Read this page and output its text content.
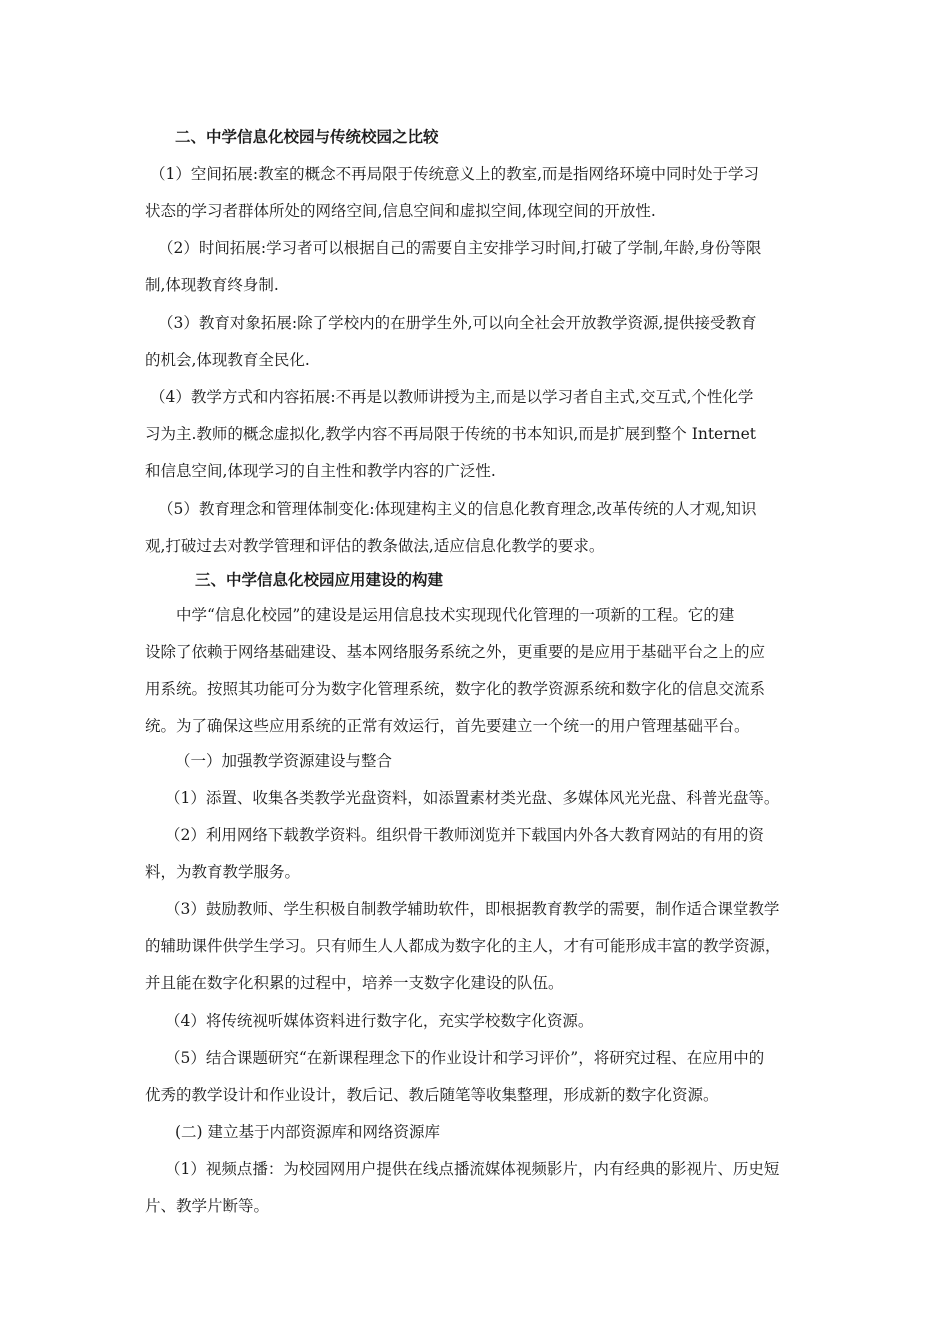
二、中学信息化校园与传统校园之比较
（1）空间拓展:教室的概念不再局限于传统意义上的教室,而是指网络环境中同时处于学习
状态的学习者群体所处的网络空间,信息空间和虚拟空间,体现空间的开放性.
（2）时间拓展:学习者可以根据自己的需要自主安排学习时间,打破了学制,年龄,身份等限
制,体现教育终身制.
（3）教育对象拓展:除了学校内的在册学生外,可以向全社会开放教学资源,提供接受教育
的机会,体现教育全民化.
（4）教学方式和内容拓展:不再是以教师讲授为主,而是以学习者自主式,交互式,个性化学
习为主.教师的概念虚拟化,教学内容不再局限于传统的书本知识,而是扩展到整个 Internet
和信息空间,体现学习的自主性和教学内容的广泛性.
（5）教育理念和管理体制变化:体现建构主义的信息化教育理念,改革传统的人才观,知识
观,打破过去对教学管理和评估的教条做法,适应信息化教学的要求。
三、中学信息化校园应用建设的构建
中学“信息化校园”的建设是运用信息技术实现现代化管理的一项新的工程。它的建
设除了依赖于网络基础建设、基本网络服务系统之外，更重要的是应用于基础平台之上的应
用系统。按照其功能可分为数字化管理系统，数字化的教学资源系统和数字化的信息交流系
统。为了确保这些应用系统的正常有效运行，首先要建立一个统一的用户管理基础平台。
（一）加强教学资源建设与整合
（1）添置、收集各类教学光盘资料，如添置素材类光盘、多媒体风光光盘、科普光盘等。
（2）利用网络下载教学资料。组织骨干教师浏览并下载国内外各大教育网站的有用的资
料，为教育教学服务。
（3）鼓励教师、学生积极自制教学辅助软件，即根据教育教学的需要，制作适合课堂教学
的辅助课件供学生学习。只有师生人人都成为数字化的主人，才有可能形成丰富的教学资源，
并且能在数字化积累的过程中，培养一支数字化建设的队伍。
（4）将传统视听媒体资料进行数字化，充实学校数字化资源。
（5）结合课题研究“在新课程理念下的作业设计和学习评价”，将研究过程、在应用中的
优秀的教学设计和作业设计，教后记、教后随笔等收集整理，形成新的数字化资源。
(二) 建立基于内部资源库和网络资源库
（1）视频点播：为校园网用户提供在线点播流媒体视频影片，内有经典的影视片、历史短
片、教学片断等。
